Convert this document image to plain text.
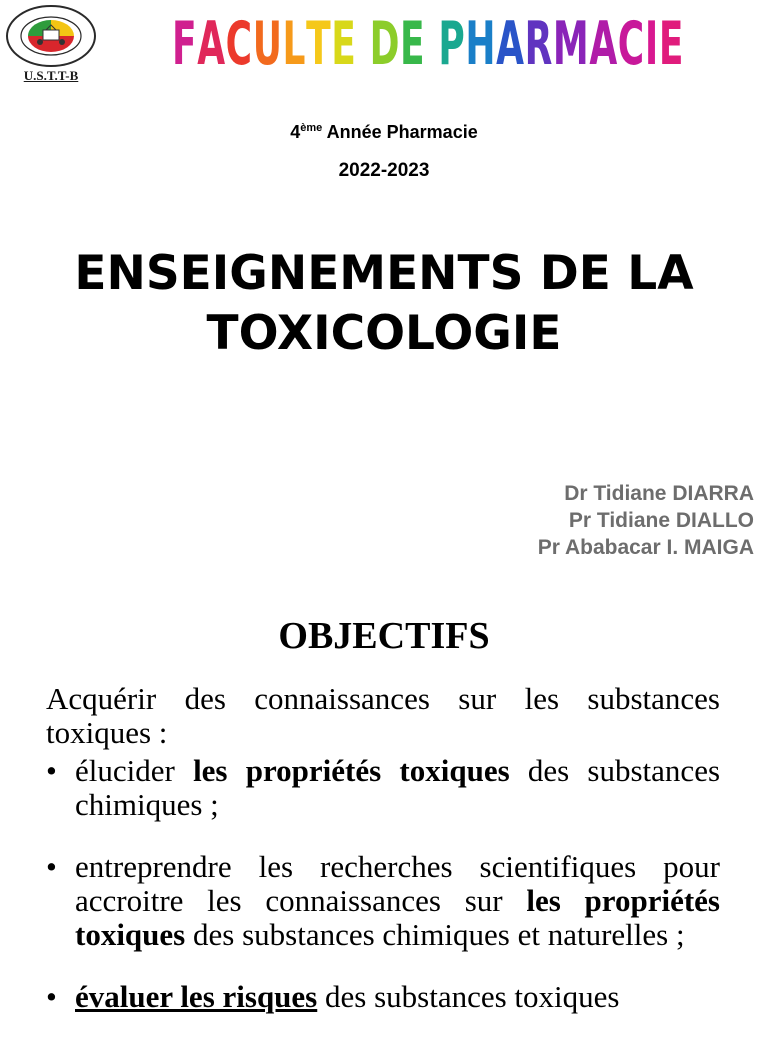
U.S.T.T-B	FACULTE DE PHARMACIE
4ème Année Pharmacie
2022-2023
ENSEIGNEMENTS DE LA
TOXICOLOGIE
Dr Tidiane DIARRA
Pr Tidiane DIALLO
Pr Ababacar I. MAIGA
OBJECTIFS

Acquérir des connaissances sur les substances toxiques :

• élucider les propriétés toxiques des substances chimiques ;
• entreprendre les recherches scientifiques pour accroitre les connaissances sur les propriétés toxiques des substances chimiques et naturelles ;
• évaluer les risques des substances toxiques
